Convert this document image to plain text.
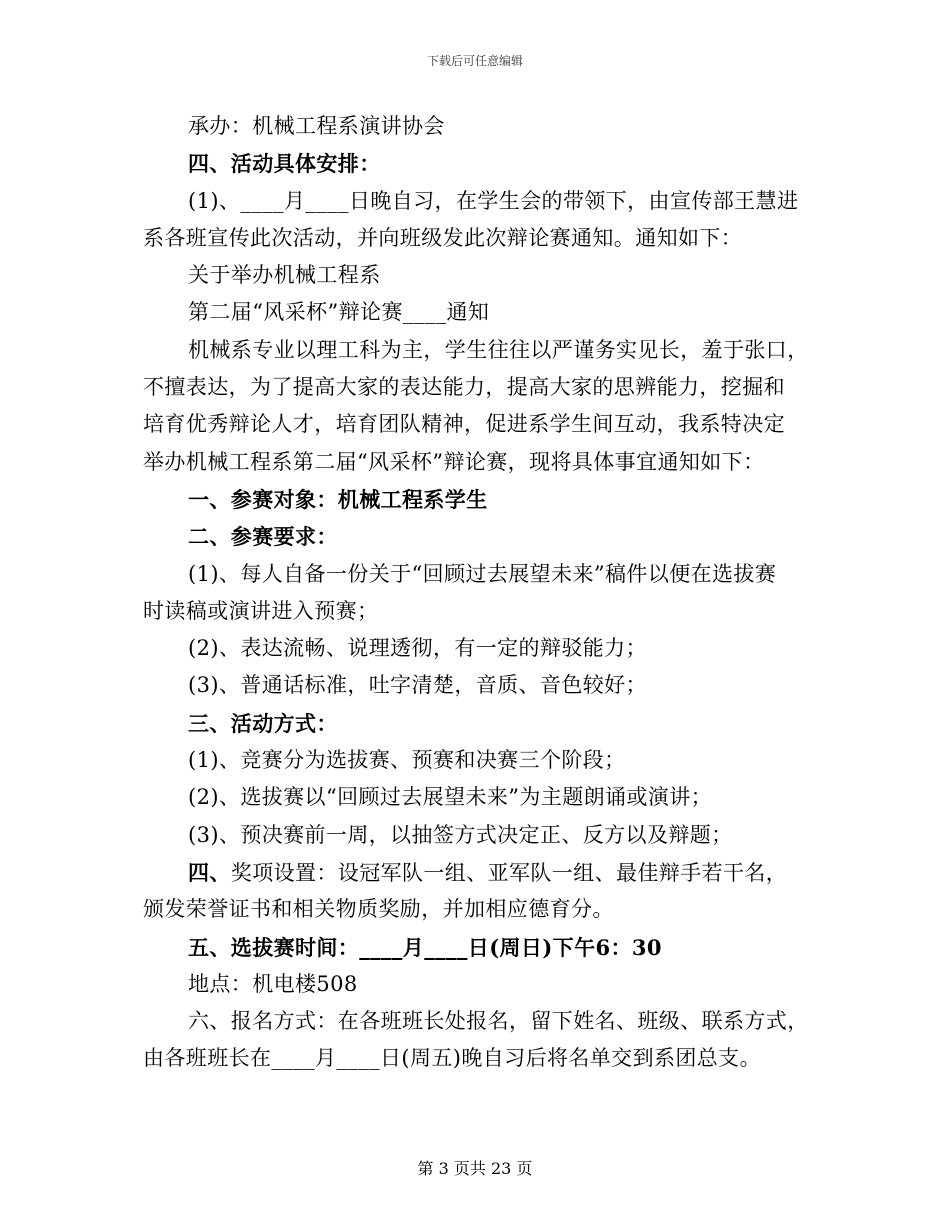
下载后可任意编辑
承办：机械工程系演讲协会
四、活动具体安排：
(1)、____月____日晚自习，在学生会的带领下，由宣传部王慧进
系各班宣传此次活动，并向班级发此次辩论赛通知。通知如下：
关于举办机械工程系
第二届“风采杯”辩论赛____通知
机械系专业以理工科为主，学生往往以严谨务实见长，羞于张口，
不擅表达，为了提高大家的表达能力，提高大家的思辨能力，挖掘和
培育优秀辩论人才，培育团队精神，促进系学生间互动，我系特决定
举办机械工程系第二届“风采杯”辩论赛，现将具体事宜通知如下：
一、参赛对象：机械工程系学生
二、参赛要求：
(1)、每人自备一份关于“回顾过去展望未来”稿件以便在选拔赛
时读稿或演讲进入预赛；
(2)、表达流畅、说理透彻，有一定的辩驳能力；
(3)、普通话标准，吐字清楚，音质、音色较好；
三、活动方式：
(1)、竞赛分为选拔赛、预赛和决赛三个阶段；
(2)、选拔赛以“回顾过去展望未来”为主题朗诵或演讲；
(3)、预决赛前一周，以抽签方式决定正、反方以及辩题；
四、奖项设置：设冠军队一组、亚军队一组、最佳辩手若干名，
颁发荣誉证书和相关物质奖励，并加相应德育分。
五、选拔赛时间：____月____日(周日)下午6：30
地点：机电楼508
六、报名方式：在各班班长处报名，留下姓名、班级、联系方式，
由各班班长在____月____日(周五)晚自习后将名单交到系团总支。
第 3 页共 23 页
